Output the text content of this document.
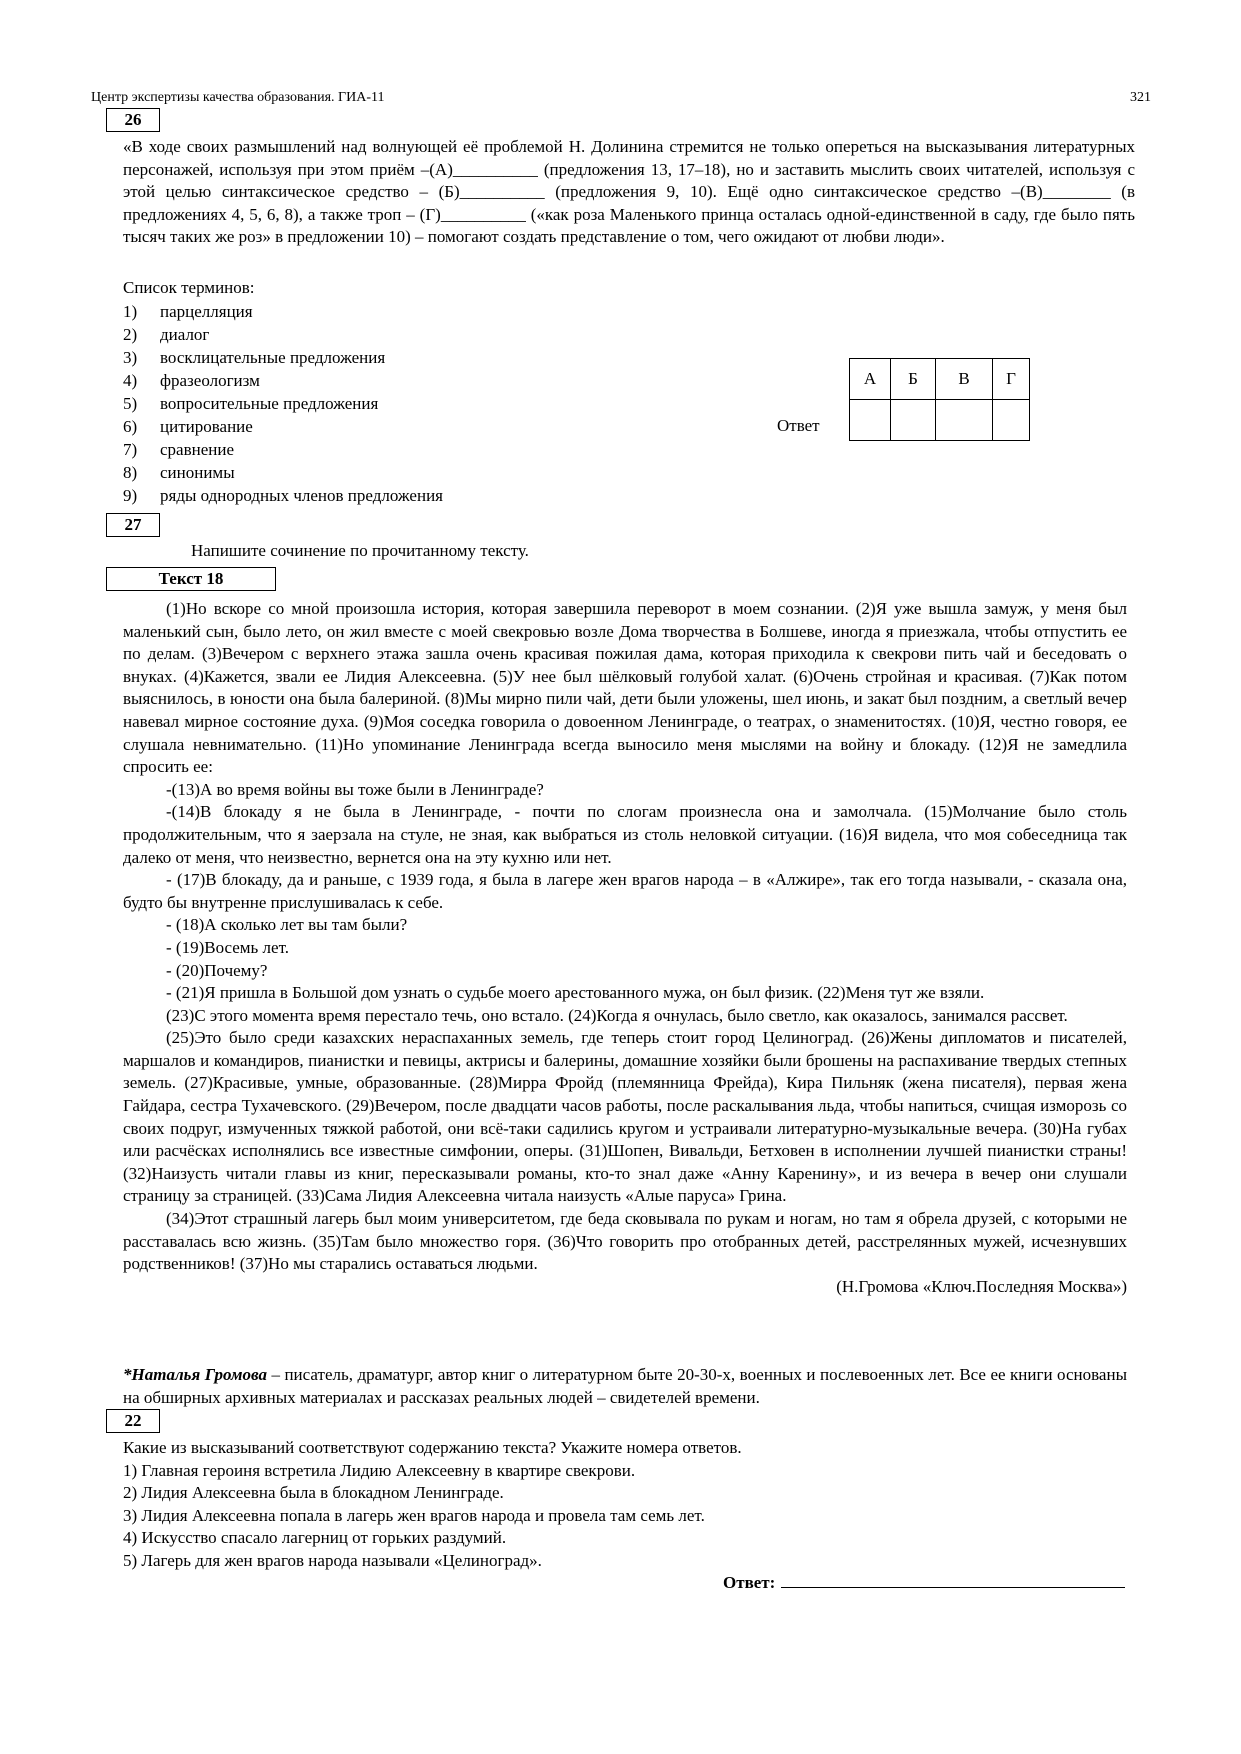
Центр экспертизы качества образования. ГИА-11	321
26
«В ходе своих размышлений над волнующей её проблемой Н. Долинина стремится не только опереться на высказывания литературных персонажей, используя при этом приём –(А)__________ (предложения 13, 17–18), но и заставить мыслить своих читателей, используя с этой целью синтаксическое средство – (Б)__________ (предложения 9, 10). Ещё одно синтаксическое средство –(В)________ (в предложениях 4, 5, 6, 8), а также троп – (Г)__________ («как роза Маленького принца осталась одной-единственной в саду, где было пять тысяч таких же роз» в предложении 10) – помогают создать представление о том, чего ожидают от любви люди».
Список терминов:
1)	парцелляция
2)	диалог
3)	восклицательные предложения
4)	фразеологизм
5)	вопросительные предложения
6)	цитирование
7)	сравнение
8)	синонимы
9)	ряды однородных членов предложения
Ответ
А	Б	В	Г

27
Напишите сочинение по прочитанному тексту.
Текст 18

(1)Но вскоре со мной произошла история, которая завершила переворот в моем сознании. (2)Я уже вышла замуж, у меня был маленький сын, было лето, он жил вместе с моей свекровью возле Дома творчества в Болшеве, иногда я приезжала, чтобы отпустить ее по делам. (3)Вечером с верхнего этажа зашла очень красивая пожилая дама, которая приходила к свекрови пить чай и беседовать о внуках. (4)Кажется, звали ее Лидия Алексеевна. (5)У нее был шёлковый голубой халат. (6)Очень стройная и красивая. (7)Как потом выяснилось, в юности она была балериной. (8)Мы мирно пили чай, дети были уложены, шел июнь, и закат был поздним, а светлый вечер навевал мирное состояние духа. (9)Моя соседка говорила о довоенном Ленинграде, о театрах, о знаменитостях. (10)Я, честно говоря, ее слушала невнимательно. (11)Но упоминание Ленинграда всегда выносило меня мыслями на войну и блокаду. (12)Я не замедлила спросить ее:

-(13)А во время войны вы тоже были в Ленинграде?

-(14)В блокаду я не была в Ленинграде, - почти по слогам произнесла она и замолчала. (15)Молчание было столь продолжительным, что я заерзала на стуле, не зная, как выбраться из столь неловкой ситуации. (16)Я видела, что моя собеседница так далеко от меня, что неизвестно, вернется она на эту кухню или нет.

- (17)В блокаду, да и раньше, с 1939 года, я была в лагере жен врагов народа – в «Алжире», так его тогда называли, - сказала она, будто бы внутренне прислушивалась к себе.

- (18)А сколько лет вы там были?

- (19)Восемь лет.

- (20)Почему?

- (21)Я пришла в Большой дом узнать о судьбе моего арестованного мужа, он был физик. (22)Меня тут же взяли.

(23)С этого момента время перестало течь, оно встало. (24)Когда я очнулась, было светло, как оказалось, занимался рассвет.

(25)Это было среди казахских нераспаханных земель, где теперь стоит город Целиноград. (26)Жены дипломатов и писателей, маршалов и командиров, пианистки и певицы, актрисы и балерины, домашние хозяйки были брошены на распахивание твердых степных земель. (27)Красивые, умные, образованные. (28)Мирра Фройд (племянница Фрейда), Кира Пильняк (жена писателя), первая жена Гайдара, сестра Тухачевского. (29)Вечером, после двадцати часов работы, после раскалывания льда, чтобы напиться, счищая изморозь со своих подруг, измученных тяжкой работой, они всё-таки садились кругом и устраивали литературно-музыкальные вечера. (30)На губах или расчёсках исполнялись все известные симфонии, оперы. (31)Шопен, Вивальди, Бетховен в исполнении лучшей пианистки страны! (32)Наизусть читали главы из книг, пересказывали романы, кто-то знал даже «Анну Каренину», и из вечера в вечер они слушали страницу за страницей. (33)Сама Лидия Алексеевна читала наизусть «Алые паруса» Грина.

(34)Этот страшный лагерь был моим университетом, где беда сковывала по рукам и ногам, но там я обрела друзей, с которыми не расставалась всю жизнь. (35)Там было множество горя. (36)Что говорить про отобранных детей, расстрелянных мужей, исчезнувших родственников! (37)Но мы старались оставаться людьми.

(Н.Громова «Ключ.Последняя Москва»)

*Наталья Громова – писатель, драматург, автор книг о литературном быте 20-30-х, военных и послевоенных лет. Все ее книги основаны на обширных архивных материалах и рассказах реальных людей – свидетелей времени.
22
Какие из высказываний соответствуют содержанию текста? Укажите номера ответов.
1) Главная героиня встретила Лидию Алексеевну в квартире свекрови.
2) Лидия Алексеевна была в блокадном Ленинграде.
3) Лидия Алексеевна попала в лагерь жен врагов народа и провела там семь лет.
4) Искусство спасало лагерниц от горьких раздумий.
5) Лагерь для жен врагов народа называли «Целиноград».
Ответ:
